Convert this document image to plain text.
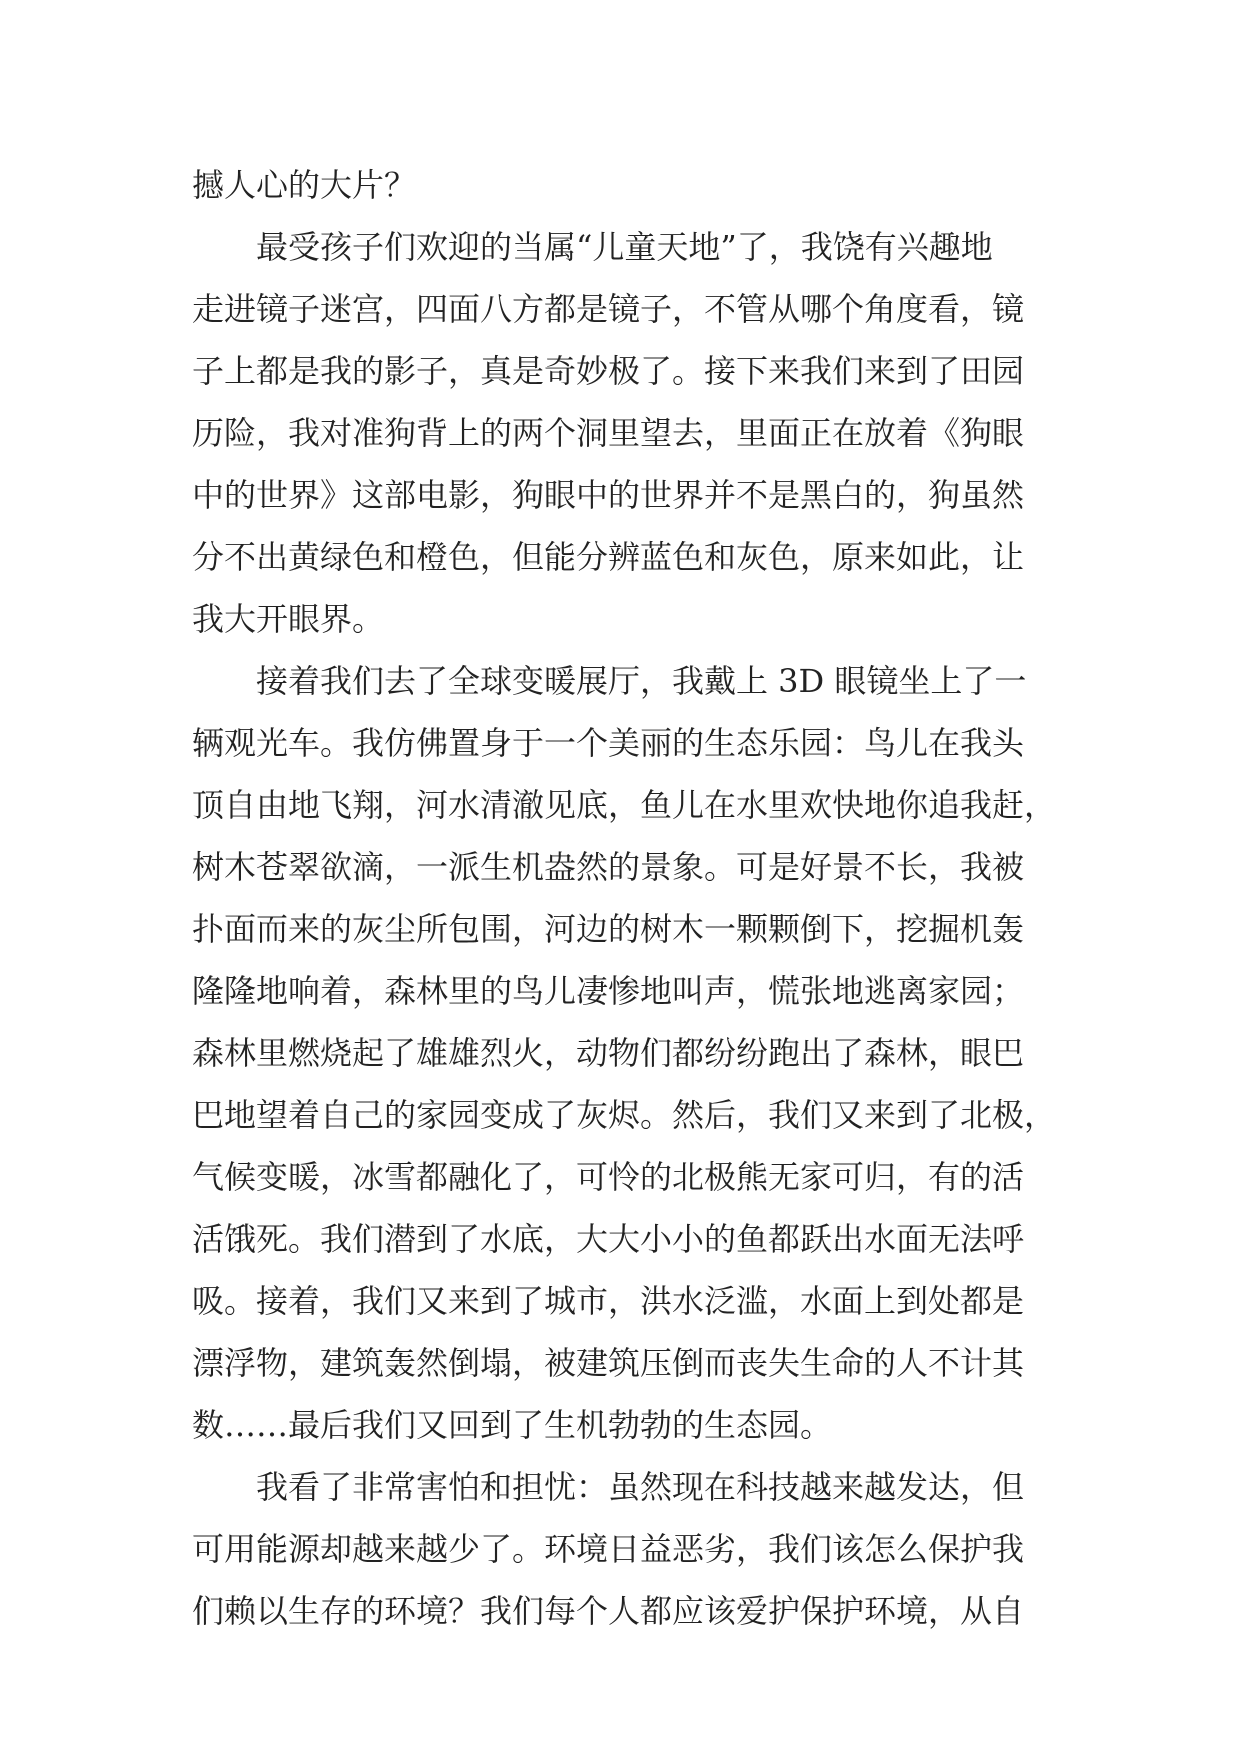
撼人心的大片？
最受孩子们欢迎的当属“儿童天地”了，我饶有兴趣地
走进镜子迷宫，四面八方都是镜子，不管从哪个角度看，镜
子上都是我的影子，真是奇妙极了。接下来我们来到了田园
历险，我对准狗背上的两个洞里望去，里面正在放着《狗眼
中的世界》这部电影，狗眼中的世界并不是黑白的，狗虽然
分不出黄绿色和橙色，但能分辨蓝色和灰色，原来如此，让
我大开眼界。
接着我们去了全球变暖展厅，我戴上 3D 眼镜坐上了一
辆观光车。我仿佛置身于一个美丽的生态乐园：鸟儿在我头
顶自由地飞翔，河水清澈见底，鱼儿在水里欢快地你追我赶，
树木苍翠欲滴，一派生机盎然的景象。可是好景不长，我被
扑面而来的灰尘所包围，河边的树木一颗颗倒下，挖掘机轰
隆隆地响着，森林里的鸟儿凄惨地叫声，慌张地逃离家园；
森林里燃烧起了雄雄烈火，动物们都纷纷跑出了森林，眼巴
巴地望着自己的家园变成了灰烬。然后，我们又来到了北极，
气候变暖，冰雪都融化了，可怜的北极熊无家可归，有的活
活饿死。我们潜到了水底，大大小小的鱼都跃出水面无法呼
吸。接着，我们又来到了城市，洪水泛滥，水面上到处都是
漂浮物，建筑轰然倒塌，被建筑压倒而丧失生命的人不计其
数……最后我们又回到了生机勃勃的生态园。
我看了非常害怕和担忧：虽然现在科技越来越发达，但
可用能源却越来越少了。环境日益恶劣，我们该怎么保护我
们赖以生存的环境？我们每个人都应该爱护保护环境，从自
